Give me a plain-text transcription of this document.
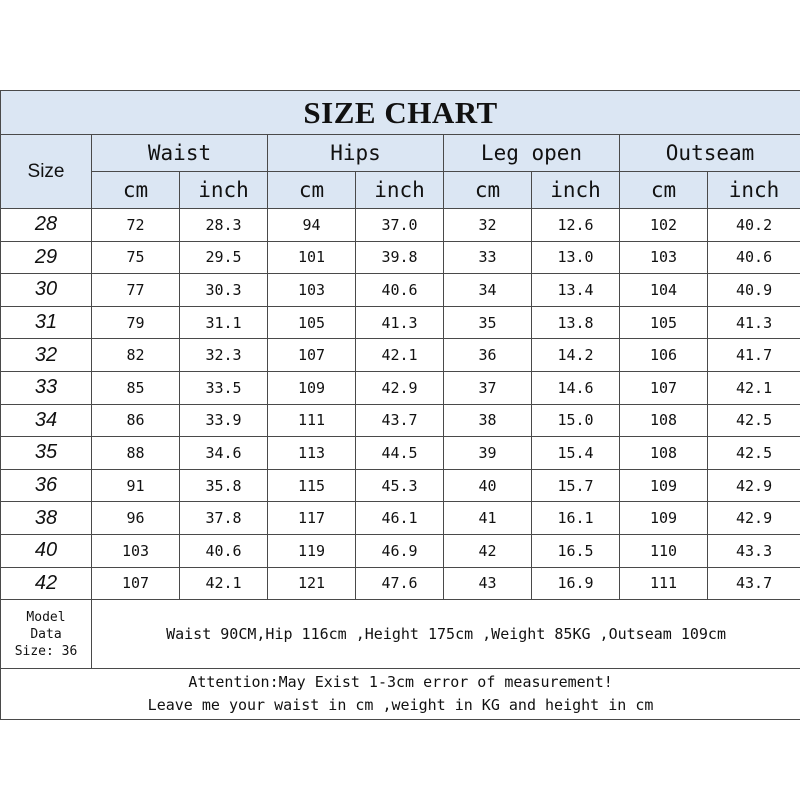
SIZE CHART								
Size	Waist		Hips		Leg open		Outseam	
	cm	inch	cm	inch	cm	inch	cm	inch
28	72	28.3	94	37.0	32	12.6	102	40.2
29	75	29.5	101	39.8	33	13.0	103	40.6
30	77	30.3	103	40.6	34	13.4	104	40.9
31	79	31.1	105	41.3	35	13.8	105	41.3
32	82	32.3	107	42.1	36	14.2	106	41.7
33	85	33.5	109	42.9	37	14.6	107	42.1
34	86	33.9	111	43.7	38	15.0	108	42.5
35	88	34.6	113	44.5	39	15.4	108	42.5
36	91	35.8	115	45.3	40	15.7	109	42.9
38	96	37.8	117	46.1	41	16.1	109	42.9
40	103	40.6	119	46.9	42	16.5	110	43.3
42	107	42.1	121	47.6	43	16.9	111	43.7

Model
Data
Size: 36	Waist 90CM,Hip 116cm ,Height 175cm ,Weight 85KG ,Outseam 109cm							

Attention:May Exist 1-3cm error of measurement!
Leave me your waist in cm ,weight in KG and height in cm								
